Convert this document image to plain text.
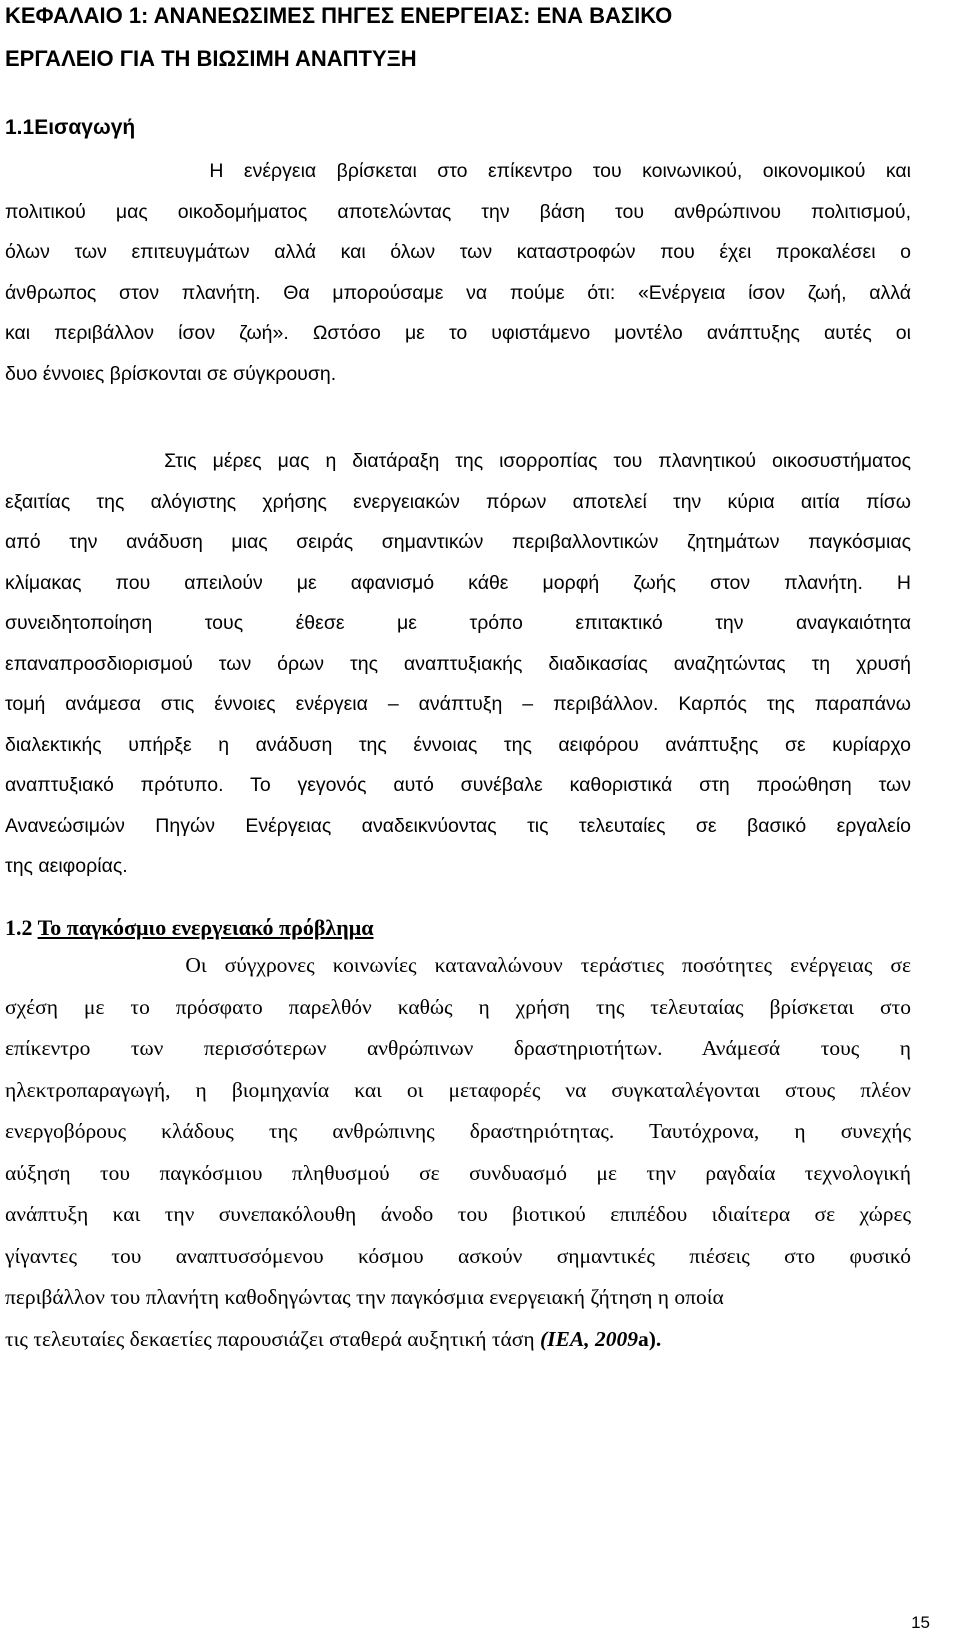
ΚΕΦΑΛΑΙΟ 1: ΑΝΑΝΕΩΣΙΜΕΣ ΠΗΓΕΣ ΕΝΕΡΓΕΙΑΣ: ΕΝΑ ΒΑΣΙΚΟ
ΕΡΓΑΛΕΙΟ ΓΙΑ ΤΗ ΒΙΩΣΙΜΗ ΑΝΑΠΤΥΞΗ
1.1Εισαγωγή
Η ενέργεια βρίσκεται στο επίκεντρο του κοινωνικού, οικονομικού και
πολιτικού μας οικοδομήματος αποτελώντας την βάση του ανθρώπινου πολιτισμού,
όλων των επιτευγμάτων αλλά και όλων των καταστροφών που έχει προκαλέσει ο
άνθρωπος στον πλανήτη. Θα μπορούσαμε να πούμε ότι: «Ενέργεια ίσον ζωή, αλλά
και περιβάλλον ίσον ζωή». Ωστόσο με το υφιστάμενο μοντέλο ανάπτυξης αυτές οι
δυο έννοιες βρίσκονται σε σύγκρουση.
Στις μέρες μας η διατάραξη της ισορροπίας του πλανητικού οικοσυστήματος
εξαιτίας της αλόγιστης χρήσης ενεργειακών πόρων αποτελεί την κύρια αιτία πίσω
από την ανάδυση μιας σειράς σημαντικών περιβαλλοντικών ζητημάτων παγκόσμιας
κλίμακας που απειλούν με αφανισμό κάθε μορφή ζωής στον πλανήτη. Η
συνειδητοποίηση τους έθεσε με τρόπο επιτακτικό την αναγκαιότητα
επαναπροσδιορισμού των όρων της αναπτυξιακής διαδικασίας αναζητώντας τη χρυσή
τομή ανάμεσα στις έννοιες ενέργεια – ανάπτυξη – περιβάλλον. Καρπός της παραπάνω
διαλεκτικής υπήρξε η ανάδυση της έννοιας της αειφόρου ανάπτυξης σε κυρίαρχο
αναπτυξιακό πρότυπο. Το γεγονός αυτό συνέβαλε καθοριστικά στη προώθηση των
Ανανεώσιμών Πηγών Ενέργειας αναδεικνύοντας τις τελευταίες σε βασικό εργαλείο
της αειφορίας.
1.2 Το παγκόσμιο ενεργειακό πρόβλημα
Οι σύγχρονες κοινωνίες καταναλώνουν τεράστιες ποσότητες ενέργειας σε
σχέση με το πρόσφατο παρελθόν καθώς η χρήση της τελευταίας βρίσκεται στο
επίκεντρο των περισσότερων ανθρώπινων δραστηριοτήτων. Ανάμεσά τους η
ηλεκτροπαραγωγή, η βιομηχανία και οι μεταφορές να συγκαταλέγονται στους πλέον
ενεργοβόρους κλάδους της ανθρώπινης δραστηριότητας. Ταυτόχρονα, η συνεχής
αύξηση του παγκόσμιου πληθυσμού σε συνδυασμό με την ραγδαία τεχνολογική
ανάπτυξη και την συνεπακόλουθη άνοδο του βιοτικού επιπέδου ιδιαίτερα σε χώρες
γίγαντες του αναπτυσσόμενου κόσμου ασκούν σημαντικές πιέσεις στο φυσικό
περιβάλλον του πλανήτη καθοδηγώντας την παγκόσμια ενεργειακή ζήτηση η οποία
τις τελευταίες δεκαετίες παρουσιάζει σταθερά αυξητική τάση (IEA, 2009a).
15
